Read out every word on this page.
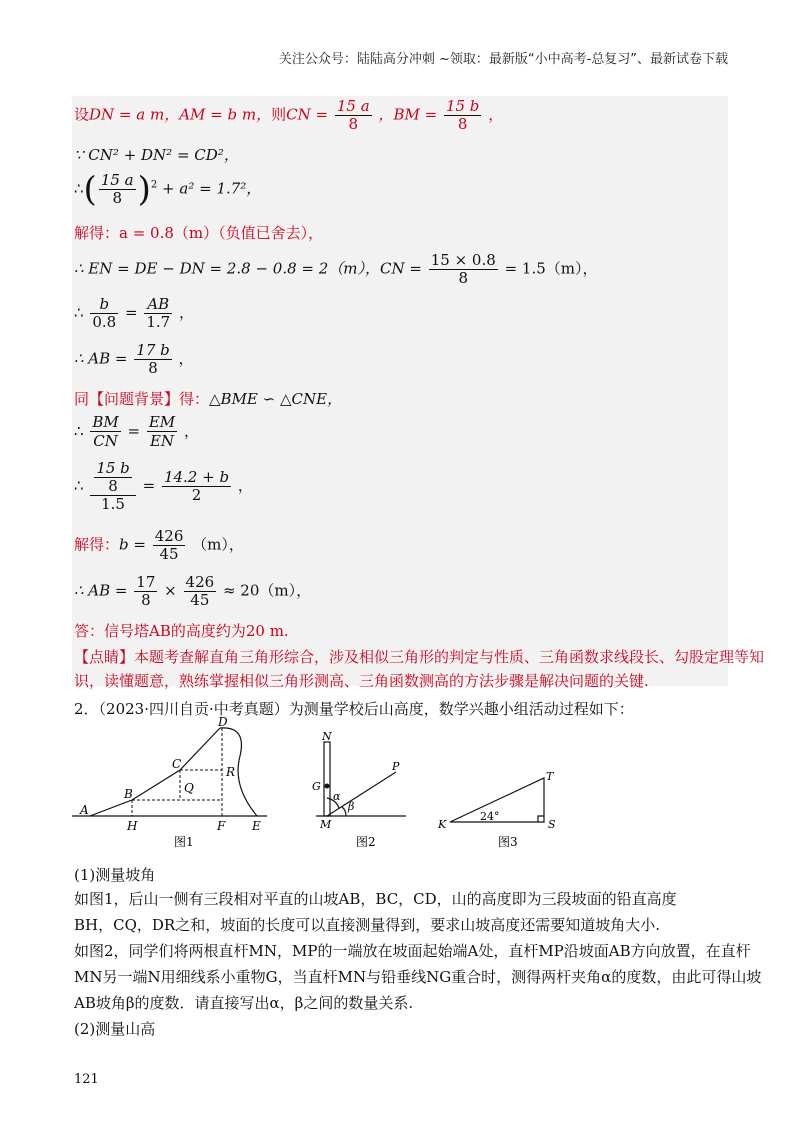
关注公众号：陆陆高分冲刺 ~领取：最新版“小中高考-总复习”、最新试卷下载
设DN = a m，AM = b m，则CN = $\frac{15 a}{8}$ ，BM = $\frac{15 b}{8}$ ，
∵ CN² + DN² = CD²，
∴( $\frac{15 a}{8} )^2 + a^2 = 1.7^2$，
解得：a = 0.8（m）（负值已舍去），
∴ EN = DE − DN = 2.8 − 0.8 = 2（m），CN = $\frac{15 \times 0.8}{8} = 1.5(m)$，
∴ $\frac{b}{0.8} = \frac{AB}{1.7}$ ，
∴ AB = $\frac{17 b}{8}$ ，
同【问题背景】得：△BME ∽ △CNE，
∴ $\frac{BM}{CN} = \frac{EM}{EN}$ ，
∴ $\frac{\frac{15 b}{8}}{1.5} = \frac{14.2 + b}{2}$ ，
解得：$b = \frac{426}{45} (m)$，
∴ AB = $\frac{17}{8} \times \frac{426}{45} \approx 20(m)$，
答：信号塔AB的高度约为20 m.
【点睛】本题考查解直角三角形综合，涉及相似三角形的判定与性质、三角函数求线段长、勾股定理等知
识，读懂题意，熟练掌握相似三角形测高、三角函数测高的方法步骤是解决问题的关键.
2．（2023·四川自贡·中考真题）为测量学校后山高度，数学兴趣小组活动过程如下：
A
B
C
D
R
Q
H	F E
图1
N
G
α
β
P
M
图2
T
24°
K	S
图3
(1)测量坡角
如图1，后山一侧有三段相对平直的山坡AB，BC，CD，山的高度即为三段坡面的铅直高度
BH，CQ，DR之和，坡面的长度可以直接测量得到，要求山坡高度还需要知道坡角大小.
如图2，同学们将两根直杆MN，MP的一端放在坡面起始端A处，直杆MP沿坡面AB方向放置，在直杆
MN另一端N用细线系小重物G，当直杆MN与铅垂线NG重合时，测得两杆夹角α的度数，由此可得山坡
AB坡角β的度数．请直接写出α，β之间的数量关系.
(2)测量山高
121
